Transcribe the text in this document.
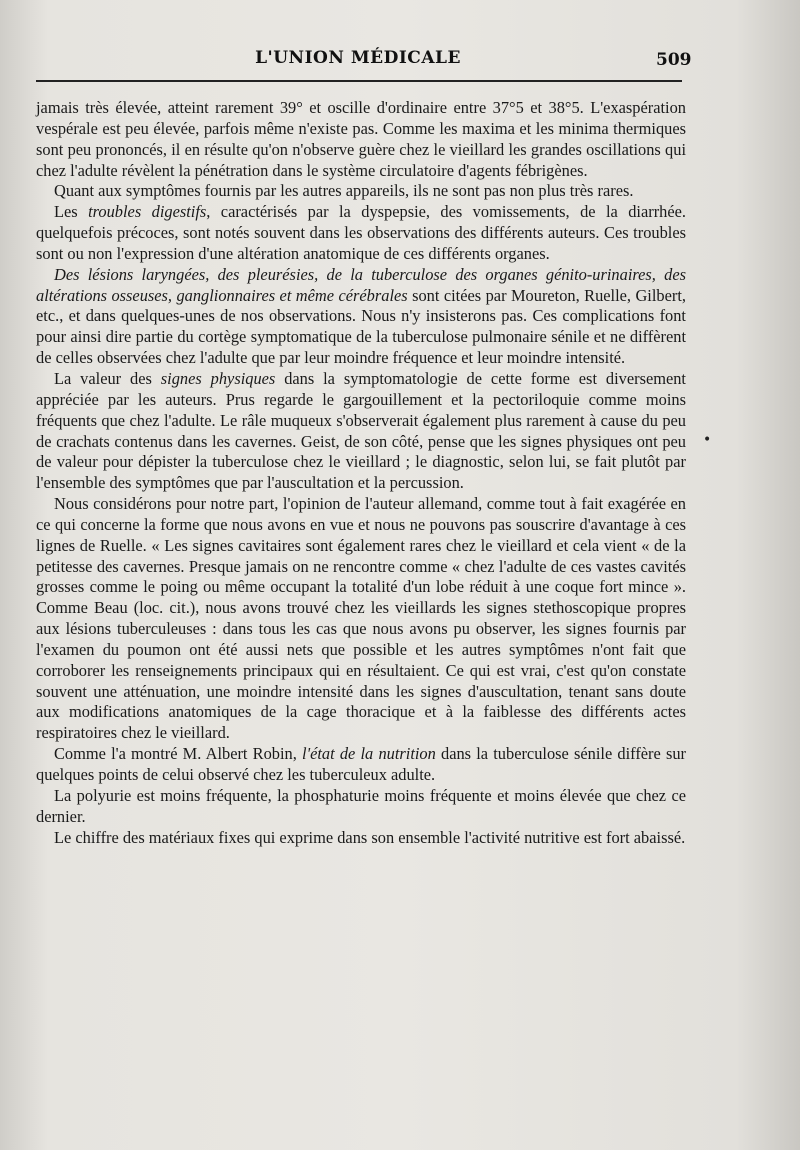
L'UNION MÉDICALE	509

jamais très élevée, atteint rarement 39° et oscille d'ordinaire entre 37°5 et 38°5. L'exaspération vespérale est peu élevée, parfois même n'existe pas. Comme les maxima et les minima thermiques sont peu prononcés, il en résulte qu'on n'observe guère chez le vieillard les grandes oscillations qui chez l'adulte révèlent la pénétration dans le système circulatoire d'agents fébrigènes.

Quant aux symptômes fournis par les autres appareils, ils ne sont pas non plus très rares.

Les troubles digestifs, caractérisés par la dyspepsie, des vomissements, de la diarrhée. quelquefois précoces, sont notés souvent dans les observations des différents auteurs. Ces troubles sont ou non l'expression d'une altération anatomique de ces différents organes.

Des lésions laryngées, des pleurésies, de la tuberculose des organes génito-urinaires, des altérations osseuses, ganglionnaires et même cérébrales sont citées par Moureton, Ruelle, Gilbert, etc., et dans quelques-unes de nos observations. Nous n'y insisterons pas. Ces complications font pour ainsi dire partie du cortège symptomatique de la tuberculose pulmonaire sénile et ne diffèrent de celles observées chez l'adulte que par leur moindre fréquence et leur moindre intensité.

La valeur des signes physiques dans la symptomatologie de cette forme est diversement appréciée par les auteurs. Prus regarde le gargouillement et la pectoriloquie comme moins fréquents que chez l'adulte. Le râle muqueux s'observerait également plus rarement à cause du peu de crachats contenus dans les cavernes. Geist, de son côté, pense que les signes physiques ont peu de valeur pour dépister la tuberculose chez le vieillard ; le diagnostic, selon lui, se fait plutôt par l'ensemble des symptômes que par l'auscultation et la percussion.

Nous considérons pour notre part, l'opinion de l'auteur allemand, comme tout à fait exagérée en ce qui concerne la forme que nous avons en vue et nous ne pouvons pas souscrire d'avantage à ces lignes de Ruelle. « Les signes cavitaires sont également rares chez le vieillard et cela vient « de la petitesse des cavernes. Presque jamais on ne rencontre comme « chez l'adulte de ces vastes cavités grosses comme le poing ou même occupant la totalité d'un lobe réduit à une coque fort mince ». Comme Beau (loc. cit.), nous avons trouvé chez les vieillards les signes stethoscopique propres aux lésions tuberculeuses : dans tous les cas que nous avons pu observer, les signes fournis par l'examen du poumon ont été aussi nets que possible et les autres symptômes n'ont fait que corroborer les renseignements principaux qui en résultaient. Ce qui est vrai, c'est qu'on constate souvent une atténuation, une moindre intensité dans les signes d'auscultation, tenant sans doute aux modifications anatomiques de la cage thoracique et à la faiblesse des différents actes respiratoires chez le vieillard.

Comme l'a montré M. Albert Robin, l'état de la nutrition dans la tuberculose sénile diffère sur quelques points de celui observé chez les tuberculeux adulte.

La polyurie est moins fréquente, la phosphaturie moins fréquente et moins élevée que chez ce dernier.

Le chiffre des matériaux fixes qui exprime dans son ensemble l'activité nutritive est fort abaissé.

•
